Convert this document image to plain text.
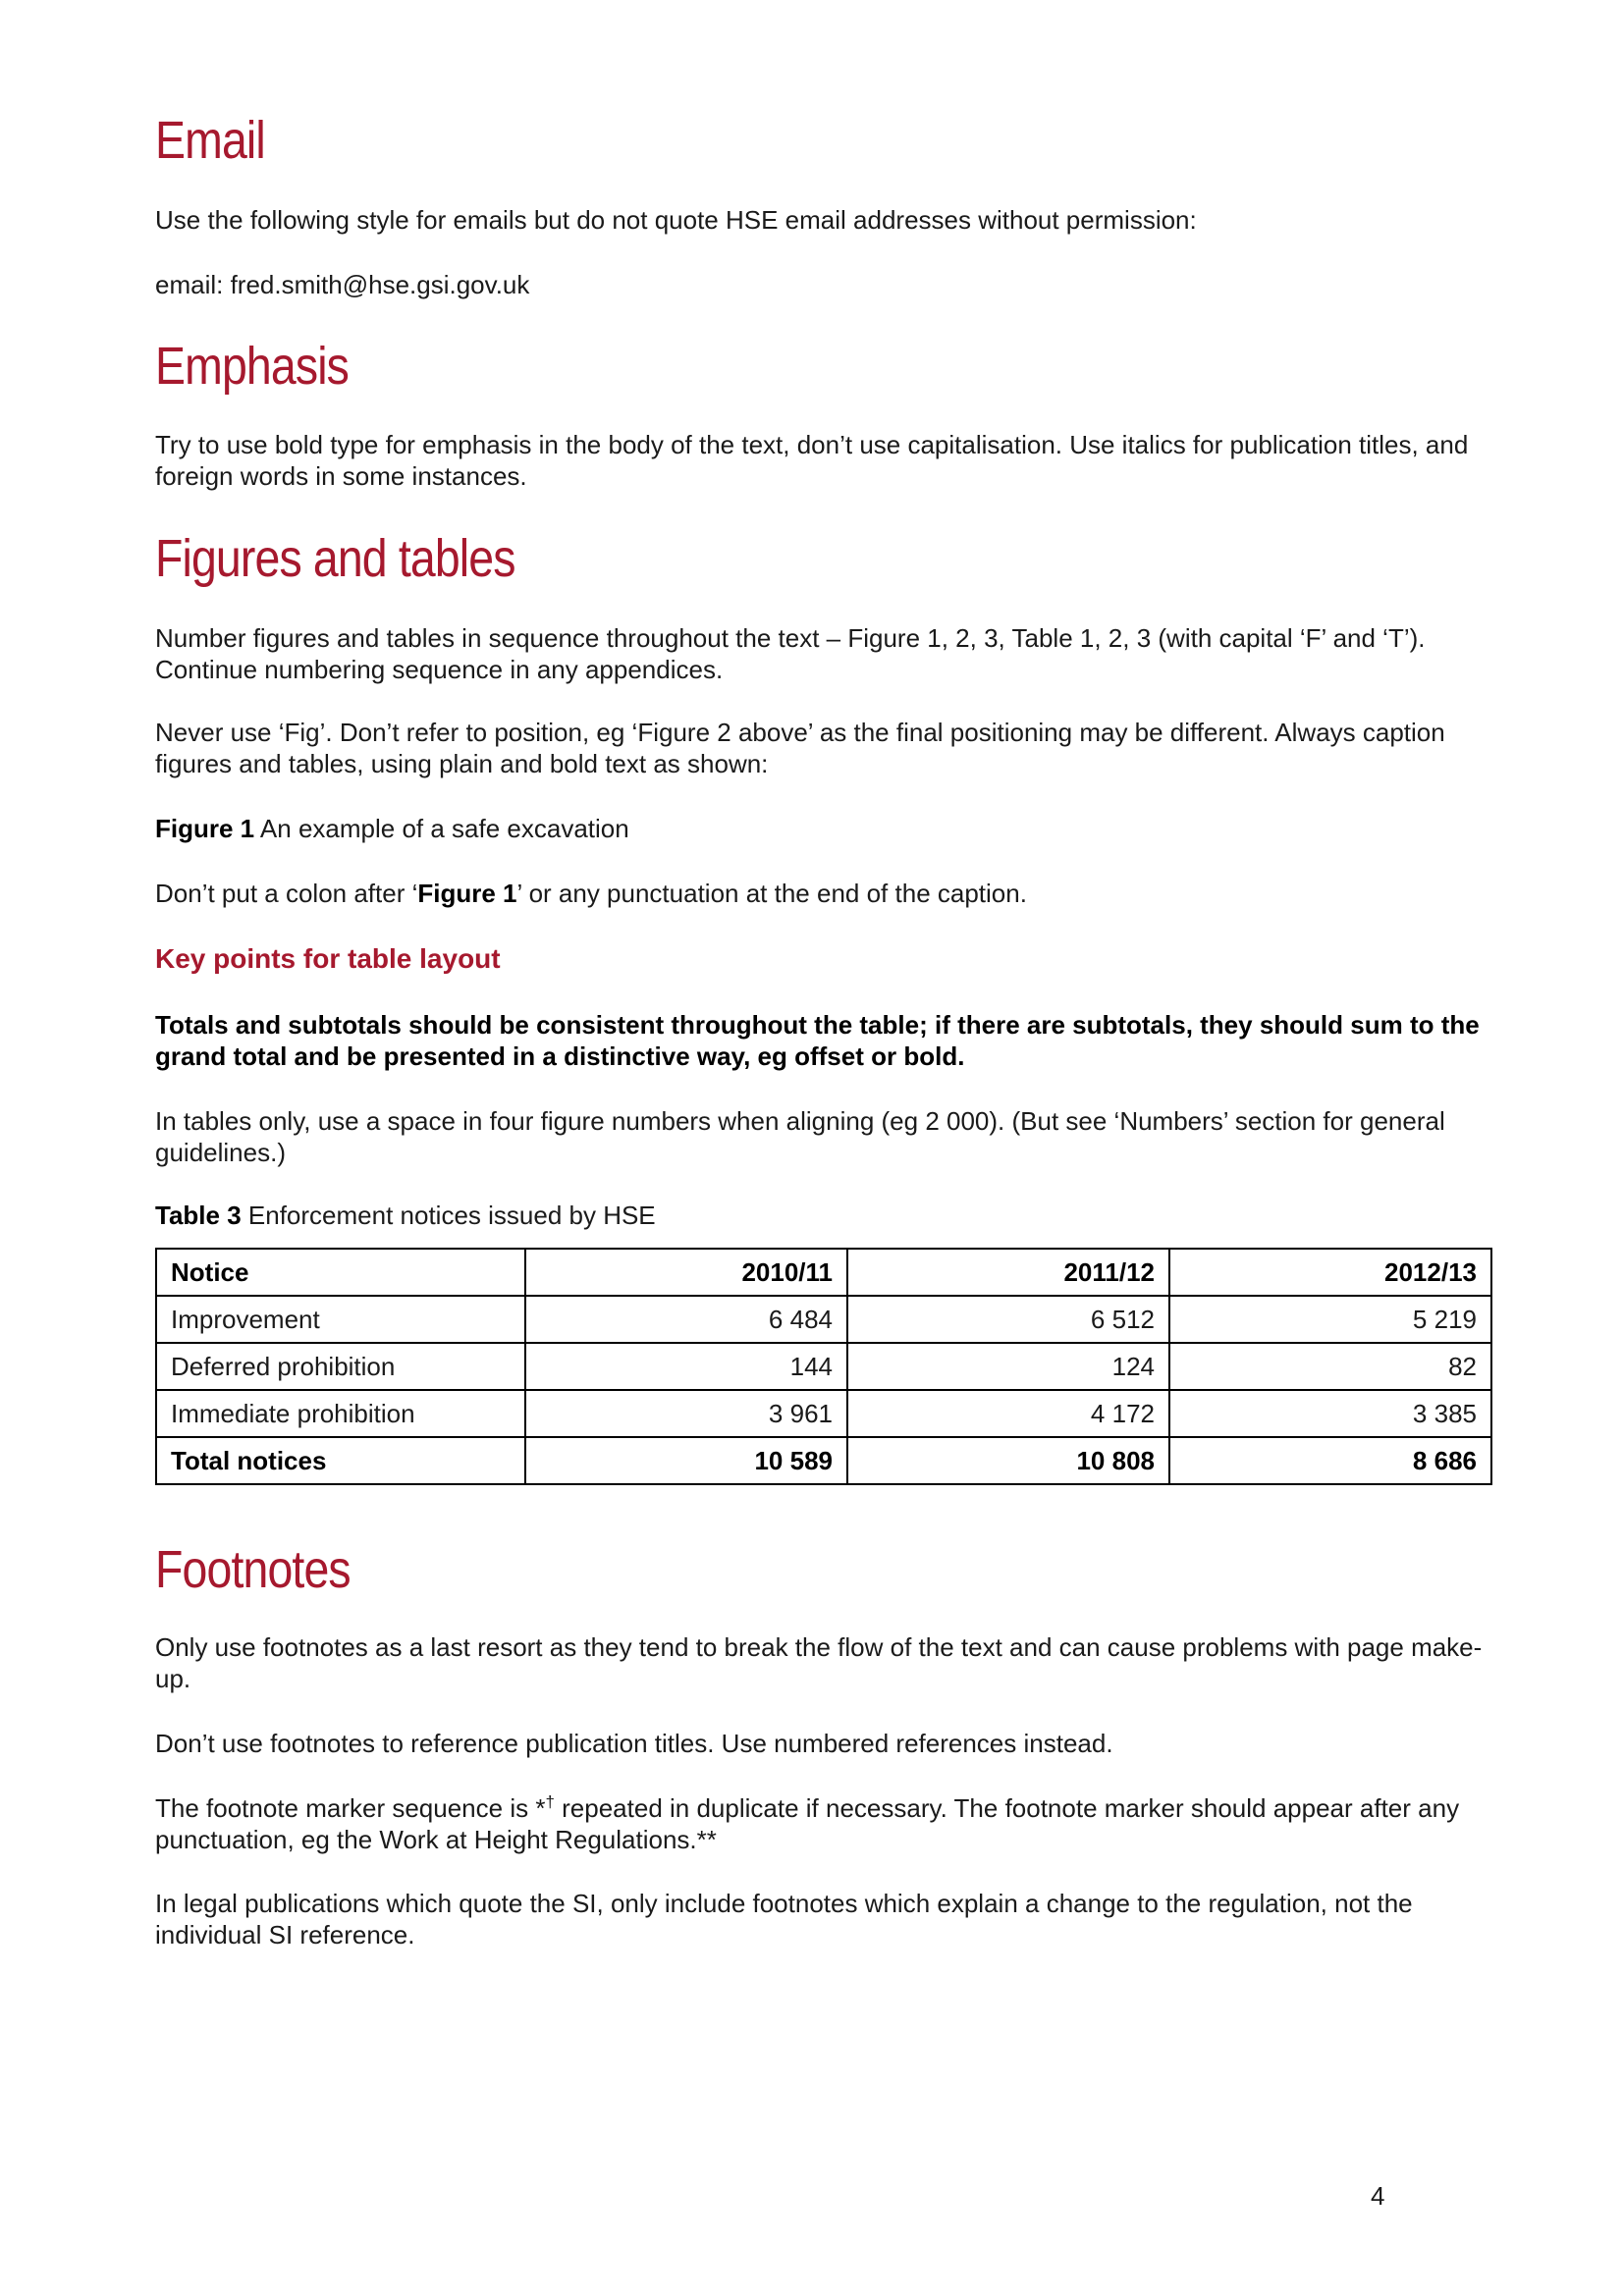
Email

Use the following style for emails but do not quote HSE email addresses without permission:

email: fred.smith@hse.gsi.gov.uk

Emphasis

Try to use bold type for emphasis in the body of the text, don’t use capitalisation. Use italics for publication titles, and foreign words in some instances.

Figures and tables

Number figures and tables in sequence throughout the text – Figure 1, 2, 3, Table 1, 2, 3 (with capital ‘F’ and ‘T’). Continue numbering sequence in any appendices.

Never use ‘Fig’. Don’t refer to position, eg ‘Figure 2 above’ as the final positioning may be different. Always caption figures and tables, using plain and bold text as shown:

Figure 1 An example of a safe excavation

Don’t put a colon after ‘Figure 1’ or any punctuation at the end of the caption.

Key points for table layout

Totals and subtotals should be consistent throughout the table; if there are subtotals, they should sum to the grand total and be presented in a distinctive way, eg offset or bold.

In tables only, use a space in four figure numbers when aligning (eg 2 000). (But see ‘Numbers’ section for general guidelines.)

Table 3 Enforcement notices issued by HSE

Notice	2010/11	2011/12	2012/13
Improvement	6 484	6 512	5 219
Deferred prohibition	144	124	82
Immediate prohibition	3 961	4 172	3 385
Total notices	10 589	10 808	8 686
Footnotes

Only use footnotes as a last resort as they tend to break the flow of the text and can cause problems with page make-up.

Don’t use footnotes to reference publication titles. Use numbered references instead.

The footnote marker sequence is *† repeated in duplicate if necessary. The footnote marker should appear after any punctuation, eg the Work at Height Regulations.**

In legal publications which quote the SI, only include footnotes which explain a change to the regulation, not the individual SI reference.

4
